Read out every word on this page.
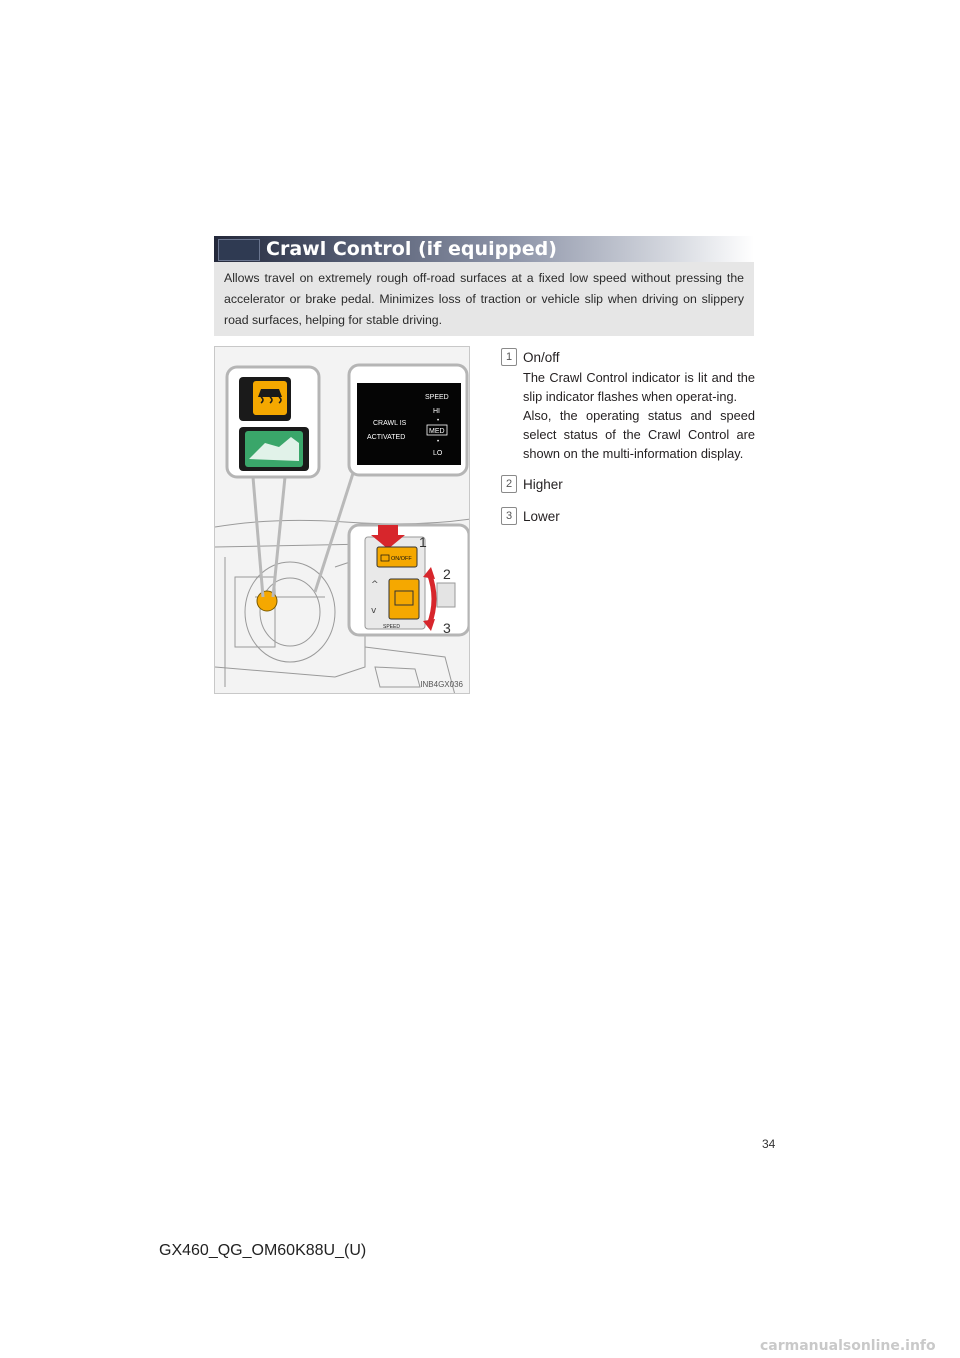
Crawl Control (if equipped)
Allows travel on extremely rough off-road surfaces at a fixed low speed without pressing the accelerator or brake pedal. Minimizes loss of traction or vehicle slip when driving on slippery road surfaces, helping for stable driving.
CRAWL IS
ACTIVATED
SPEED
HI
•
MED
•
LO
ON/OFF
^
v
SPEED
1
2
3
INB4GX036
1 On/off
The Crawl Control indicator is lit and the slip indicator flashes when operat-ing.
Also, the operating status and speed select status of the Crawl Control are shown on the multi-information display.
2 Higher
3 Lower
34
GX460_QG_OM60K88U_(U)
carmanualsonline.info
